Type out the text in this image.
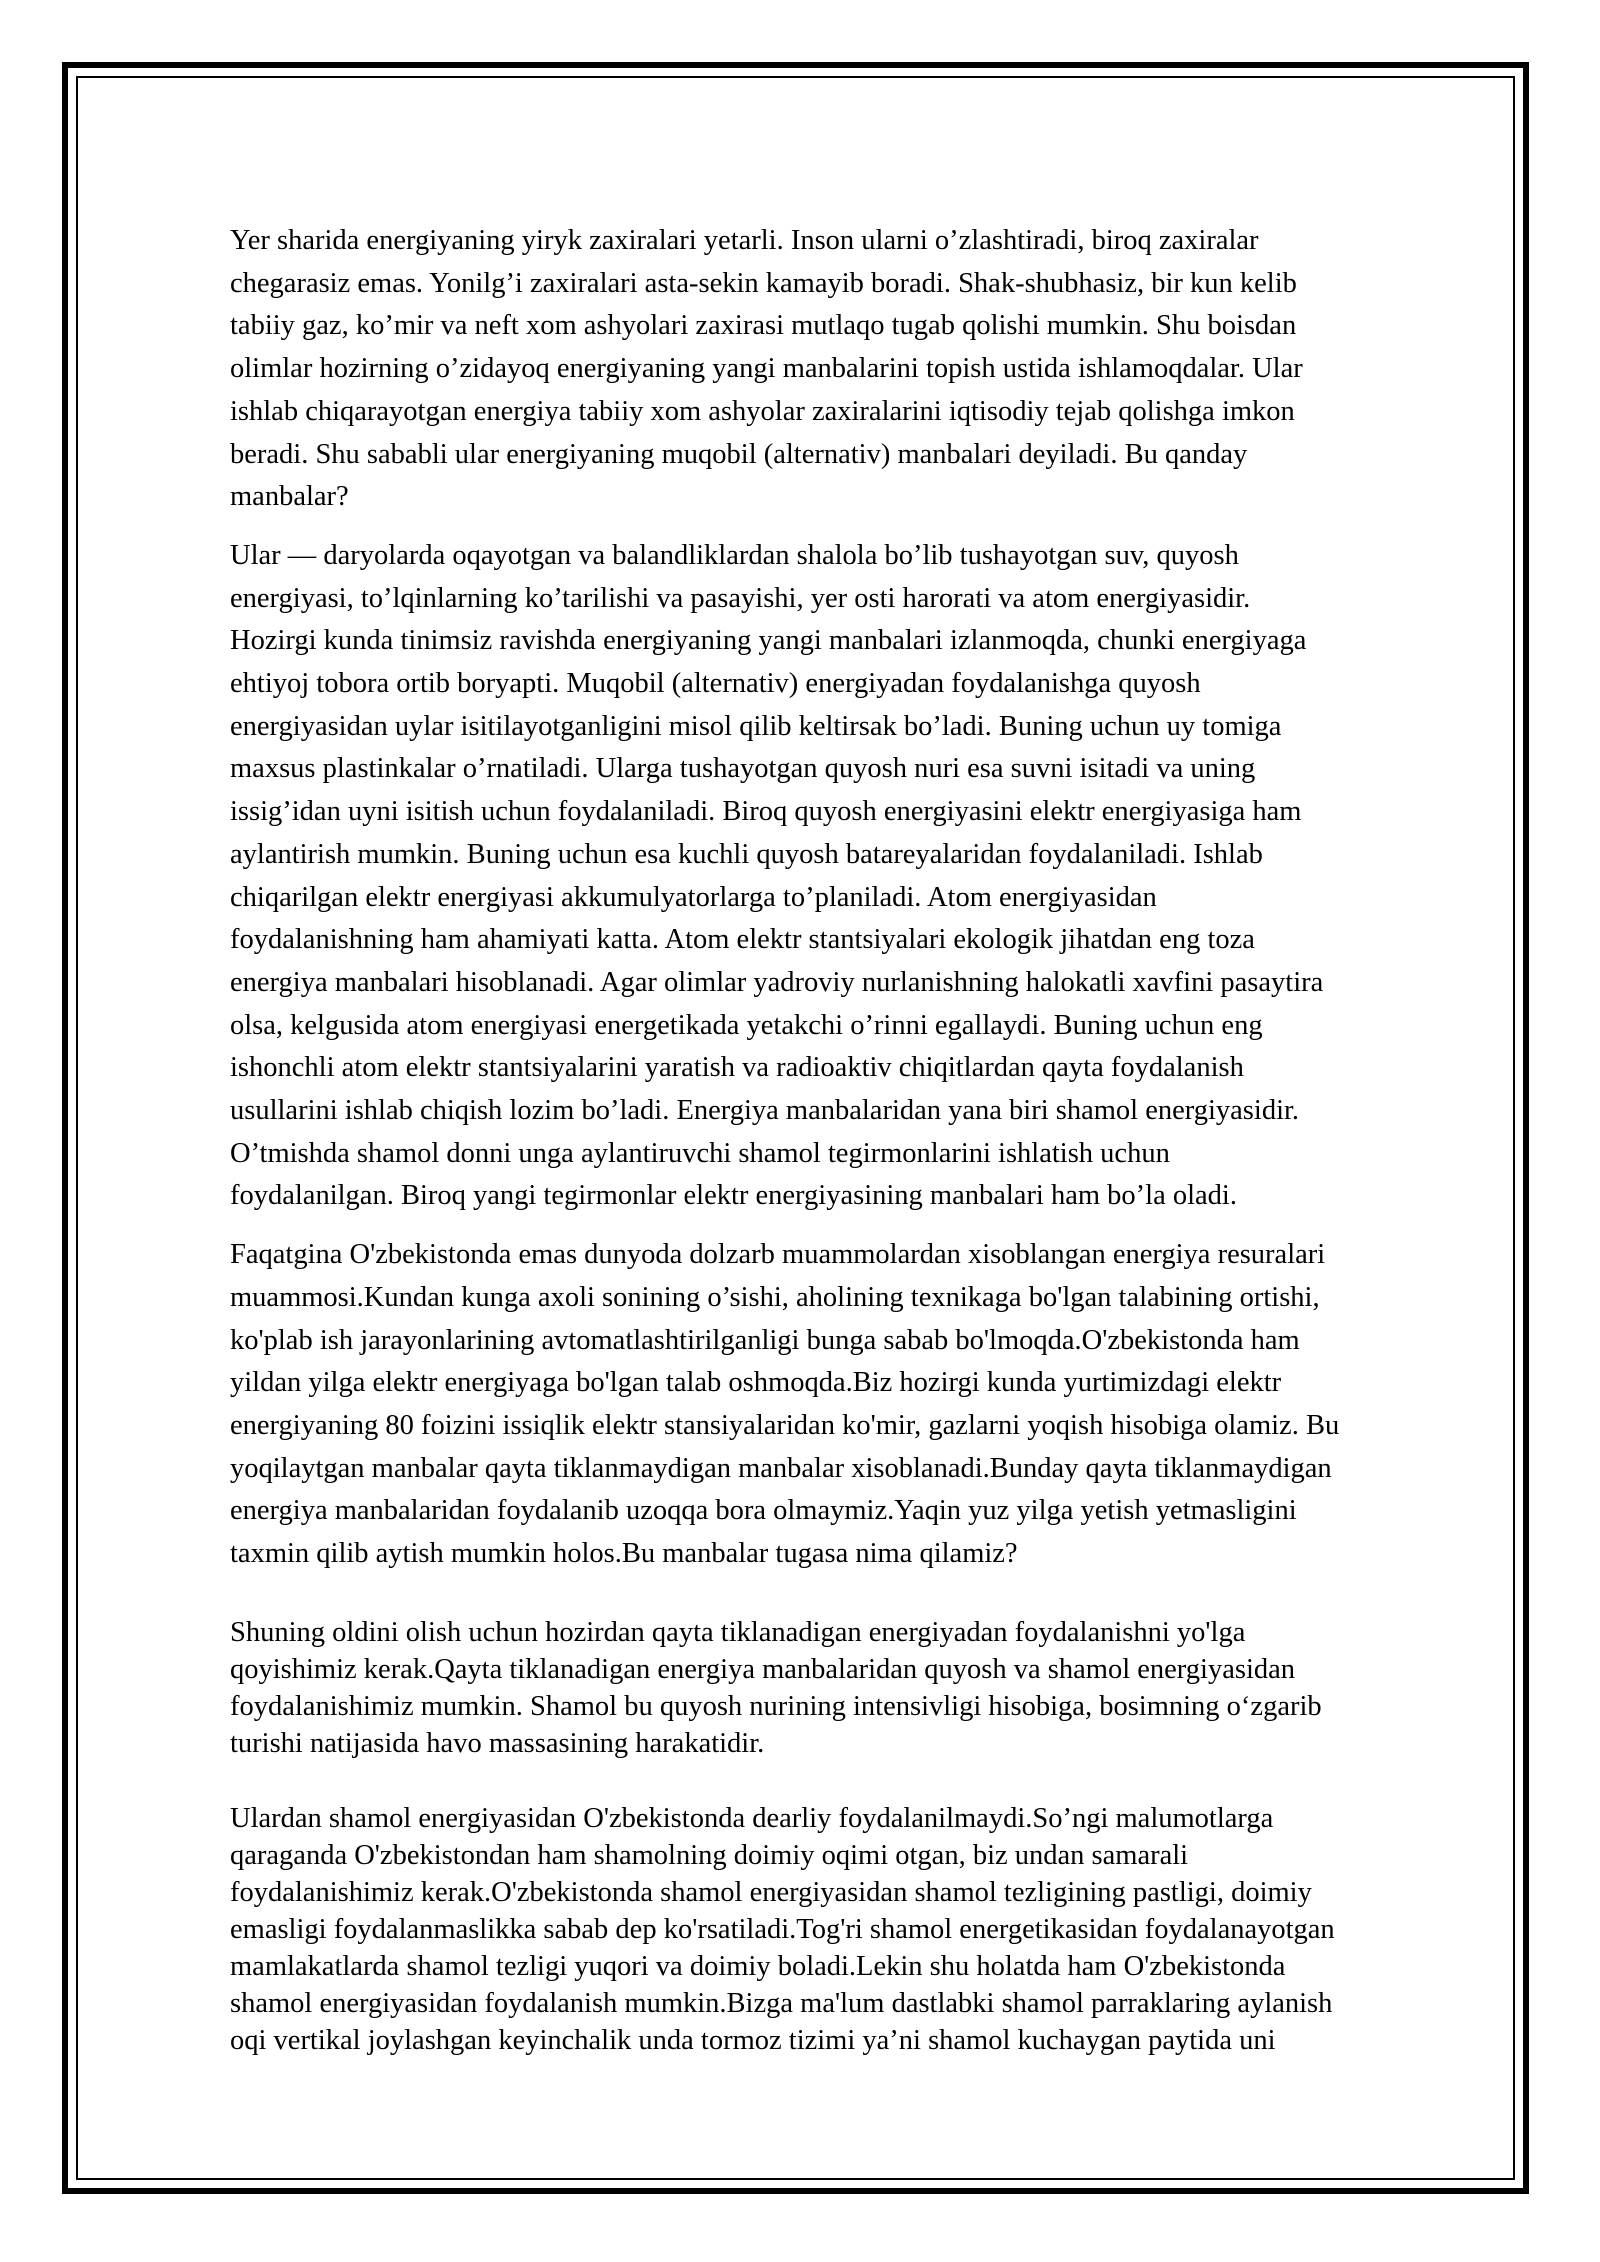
Yer sharida energiyaning yiryk zaxiralari yetarli. Inson ularni o’zlashtiradi, biroq zaxiralar
chegarasiz emas. Yonilg’i zaxiralari asta-sekin kamayib boradi. Shak-shubhasiz, bir kun kelib
tabiiy gaz, ko’mir va neft xom ashyolari zaxirasi mutlaqo tugab qolishi mumkin. Shu boisdan
olimlar hozirning o’zidayoq energiyaning yangi manbalarini topish ustida ishlamoqdalar. Ular
ishlab chiqarayotgan energiya tabiiy xom ashyolar zaxiralarini iqtisodiy tejab qolishga imkon
beradi. Shu sababli ular energiyaning muqobil (alternativ) manbalari deyiladi. Bu qanday
manbalar?

Ular — daryolarda oqayotgan va balandliklardan shalola bo’lib tushayotgan suv, quyosh
energiyasi, to’lqinlarning ko’tarilishi va pasayishi, yer osti harorati va atom energiyasidir.
Hozirgi kunda tinimsiz ravishda energiyaning yangi manbalari izlanmoqda, chunki energiyaga
ehtiyoj tobora ortib boryapti. Muqobil (alternativ) energiyadan foydalanishga quyosh
energiyasidan uylar isitilayotganligini misol qilib keltirsak bo’ladi. Buning uchun uy tomiga
maxsus plastinkalar o’rnatiladi. Ularga tushayotgan quyosh nuri esa suvni isitadi va uning
issig’idan uyni isitish uchun foydalaniladi. Biroq quyosh energiyasini elektr energiyasiga ham
aylantirish mumkin. Buning uchun esa kuchli quyosh batareyalaridan foydalaniladi. Ishlab
chiqarilgan elektr energiyasi akkumulyatorlarga to’planiladi. Atom energiyasidan
foydalanishning ham ahamiyati katta. Atom elektr stantsiyalari ekologik jihatdan eng toza
energiya manbalari hisoblanadi. Agar olimlar yadroviy nurlanishning halokatli xavfini pasaytira
olsa, kelgusida atom energiyasi energetikada yetakchi o’rinni egallaydi. Buning uchun eng
ishonchli atom elektr stantsiyalarini yaratish va radioaktiv chiqitlardan qayta foydalanish
usullarini ishlab chiqish lozim bo’ladi. Energiya manbalaridan yana biri shamol energiyasidir.
O’tmishda shamol donni unga aylantiruvchi shamol tegirmonlarini ishlatish uchun
foydalanilgan. Biroq yangi tegirmonlar elektr energiyasining manbalari ham bo’la oladi.

Faqatgina O'zbekistonda emas dunyoda dolzarb muammolardan xisoblangan energiya resuralari
muammosi.Kundan kunga axoli sonining o’sishi, aholining texnikaga bo'lgan talabining ortishi,
ko'plab ish jarayonlarining avtomatlashtirilganligi bunga sabab bo'lmoqda.O'zbekistonda ham
yildan yilga elektr energiyaga bo'lgan talab oshmoqda.Biz hozirgi kunda yurtimizdagi elektr
energiyaning 80 foizini issiqlik elektr stansiyalaridan ko'mir, gazlarni yoqish hisobiga olamiz. Bu
yoqilaytgan manbalar qayta tiklanmaydigan manbalar xisoblanadi.Bunday qayta tiklanmaydigan
energiya manbalaridan foydalanib uzoqqa bora olmaymiz.Yaqin yuz yilga yetish yetmasligini
taxmin qilib aytish mumkin holos.Bu manbalar tugasa nima qilamiz?

Shuning oldini olish uchun hozirdan qayta tiklanadigan energiyadan foydalanishni yo'lga
qoyishimiz kerak.Qayta tiklanadigan energiya manbalaridan quyosh va shamol energiyasidan
foydalanishimiz mumkin. Shamol bu quyosh nurining intensivligi hisobiga, bosimning o‘zgarib
turishi natijasida havo massasining harakatidir.

Ulardan shamol energiyasidan O'zbekistonda dearliy foydalanilmaydi.So’ngi malumotlarga
qaraganda O'zbekistondan ham shamolning doimiy oqimi otgan, biz undan samarali
foydalanishimiz kerak.O'zbekistonda shamol energiyasidan shamol tezligining pastligi, doimiy
emasligi foydalanmaslikka sabab dep ko'rsatiladi.Tog'ri shamol energetikasidan foydalanayotgan
mamlakatlarda shamol tezligi yuqori va doimiy boladi.Lekin shu holatda ham O'zbekistonda
shamol energiyasidan foydalanish mumkin.Bizga ma'lum dastlabki shamol parraklaring aylanish
oqi vertikal joylashgan keyinchalik unda tormoz tizimi ya’ni shamol kuchaygan paytida uni
